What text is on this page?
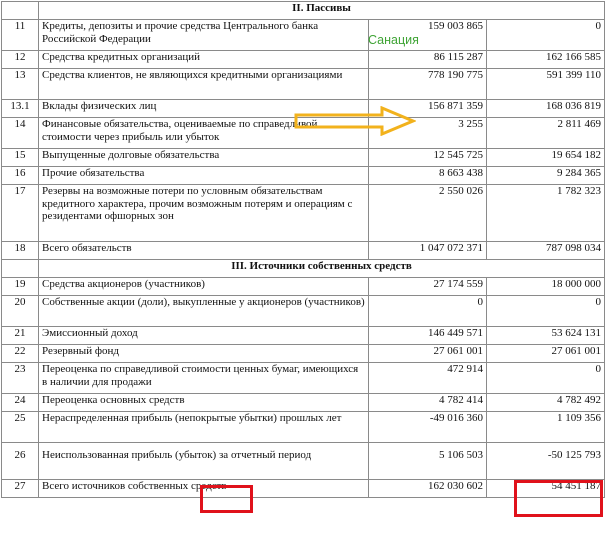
	II. Пассивы		
11	Кредиты, депозиты и прочие средства Центрального банка Российской Федерации	159 003 865	0
12	Средства кредитных организаций	86 115 287	162 166 585
13	Средства клиентов, не являющихся кредитными организациями	778 190 775	591 399 110
13.1	Вклады физических лиц	156 871 359	168 036 819
14	Финансовые обязательства, оцениваемые по справедливой стоимости через прибыль или убыток	3 255	2 811 469
15	Выпущенные долговые обязательства	12 545 725	19 654 182
16	Прочие обязательства	8 663 438	9 284 365
17	Резервы на возможные потери по условным обязательствам кредитного характера, прочим возможным потерям и операциям с резидентами офшорных зон	2 550 026	1 782 323
18	Всего обязательств	1 047 072 371	787 098 034
	III. Источники собственных средств		
19	Средства акционеров (участников)	27 174 559	18 000 000
20	Собственные акции (доли), выкупленные у акционеров (участников)	0	0
21	Эмиссионный доход	146 449 571	53 624 131
22	Резервный фонд	27 061 001	27 061 001
23	Переоценка по справедливой стоимости ценных бумаг, имеющихся в наличии для продажи	472 914	0
24	Переоценка основных средств	4 782 414	4 782 492
25	Нераспределенная прибыль (непокрытые убытки) прошлых лет	-49 016 360	1 109 356
26	Неиспользованная прибыль (убыток) за отчетный период	5 106 503	-50 125 793
27	Всего источников собственных средств	162 030 602	54 451 187
Санация
